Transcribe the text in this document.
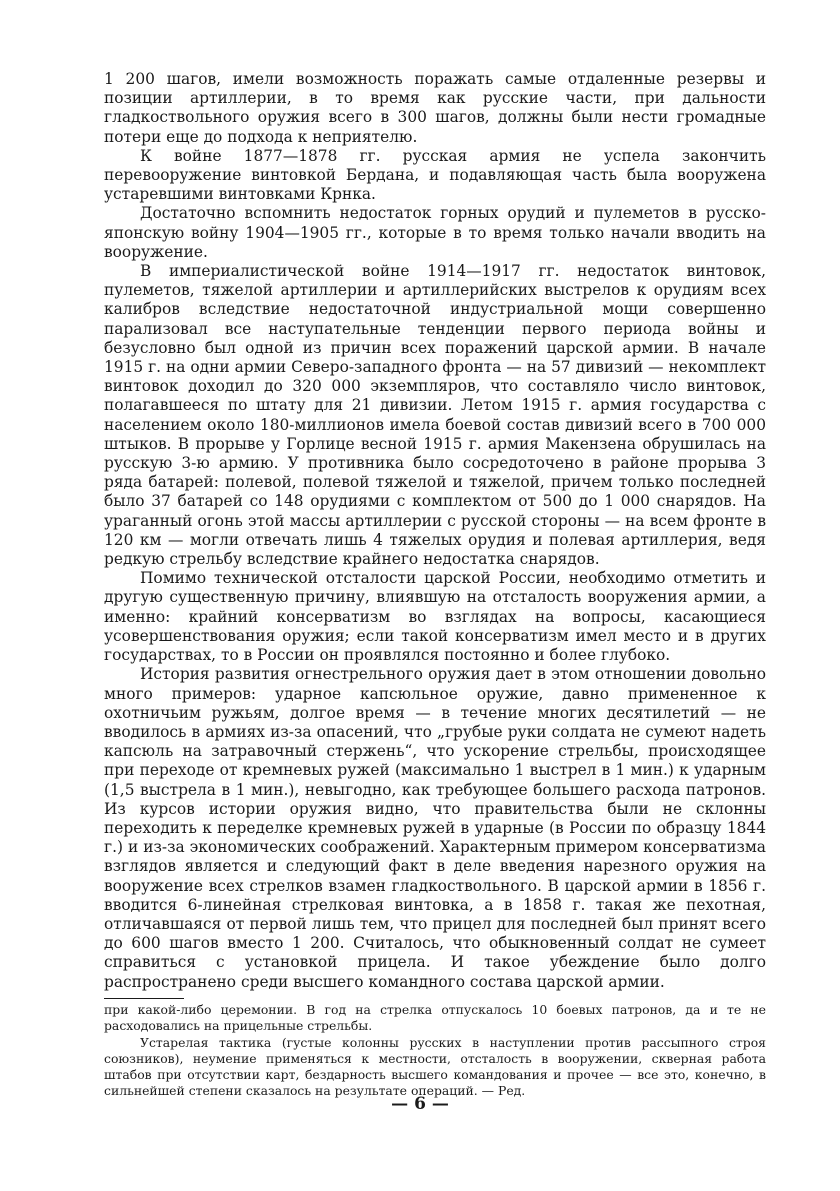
1 200 шагов, имели возможность поражать самые отдаленные резервы и позиции артиллерии, в то время как русские части, при дальности гладкоствольного оружия всего в 300 шагов, должны были нести громадные потери еще до подхода к неприятелю.

К войне 1877—1878 гг. русская армия не успела закончить перевооружение винтовкой Бердана, и подавляющая часть была вооружена устаревшими винтовками Крнка.

Достаточно вспомнить недостаток горных орудий и пулеметов в русско-японскую войну 1904—1905 гг., которые в то время только начали вводить на вооружение.

В империалистической войне 1914—1917 гг. недостаток винтовок, пулеметов, тяжелой артиллерии и артиллерийских выстрелов к орудиям всех калибров вследствие недостаточной индустриальной мощи совершенно парализовал все наступательные тенденции первого периода войны и безусловно был одной из причин всех поражений царской армии. В начале 1915 г. на одни армии Северо-западного фронта — на 57 дивизий — некомплект винтовок доходил до 320 000 экземпляров, что составляло число винтовок, полагавшееся по штату для 21 дивизии. Летом 1915 г. армия государства с населением около 180-миллионов имела боевой состав дивизий всего в 700 000 штыков. В прорыве у Горлице весной 1915 г. армия Макензена обрушилась на русскую 3-ю армию. У противника было сосредоточено в районе прорыва 3 ряда батарей: полевой, полевой тяжелой и тяжелой, причем только последней было 37 батарей со 148 орудиями с комплектом от 500 до 1 000 снарядов. На ураганный огонь этой массы артиллерии с русской стороны — на всем фронте в 120 км — могли отвечать лишь 4 тяжелых орудия и полевая артиллерия, ведя редкую стрельбу вследствие крайнего недостатка снарядов.

Помимо технической отсталости царской России, необходимо отметить и другую существенную причину, влиявшую на отсталость вооружения армии, а именно: крайний консерватизм во взглядах на вопросы, касающиеся усовершенствования оружия; если такой консерватизм имел место и в других государствах, то в России он проявлялся постоянно и более глубоко.

История развития огнестрельного оружия дает в этом отношении довольно много примеров: ударное капсюльное оружие, давно примененное к охотничьим ружьям, долгое время — в течение многих десятилетий — не вводилось в армиях из-за опасений, что „грубые руки солдата не сумеют надеть капсюль на затравочный стержень“, что ускорение стрельбы, происходящее при переходе от кремневых ружей (максимально 1 выстрел в 1 мин.) к ударным (1,5 выстрела в 1 мин.), невыгодно, как требующее большего расхода патронов. Из курсов истории оружия видно, что правительства были не склонны переходить к переделке кремневых ружей в ударные (в России по образцу 1844 г.) и из-за экономических соображений. Характерным примером консерватизма взглядов является и следующий факт в деле введения нарезного оружия на вооружение всех стрелков взамен гладкоствольного. В царской армии в 1856 г. вводится 6-линейная стрелковая винтовка, а в 1858 г. такая же пехотная, отличавшаяся от первой лишь тем, что прицел для последней был принят всего до 600 шагов вместо 1 200. Считалось, что обыкновенный солдат не сумеет справиться с установкой прицела. И такое убеждение было долго распространено среди высшего командного состава царской армии.

при какой-либо церемонии. В год на стрелка отпускалось 10 боевых патронов, да и те не расходовались на прицельные стрельбы.

Устарелая тактика (густые колонны русских в наступлении против рассыпного строя союзников), неумение применяться к местности, отсталость в вооружении, скверная работа штабов при отсутствии карт, бездарность высшего командования и прочее — все это, конечно, в сильнейшей степени сказалось на результате операций. — Ред.

— 6 —
